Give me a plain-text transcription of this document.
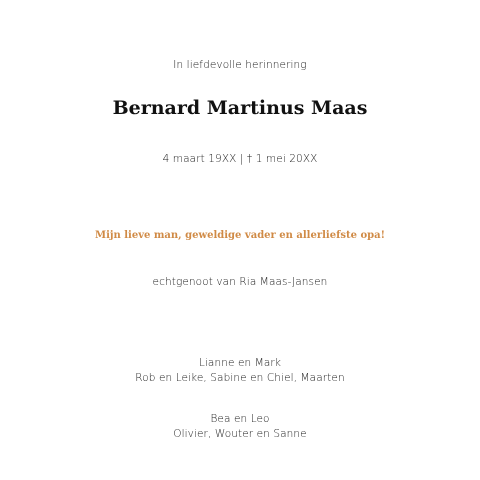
In liefdevolle herinnering
Bernard Martinus Maas
4 maart 19XX | † 1 mei 20XX
Mijn lieve man, geweldige vader en allerliefste opa!
echtgenoot van Ria Maas-Jansen
Lianne en Mark
Rob en Leike, Sabine en Chiel, Maarten
Bea en Leo
Olivier, Wouter en Sanne
